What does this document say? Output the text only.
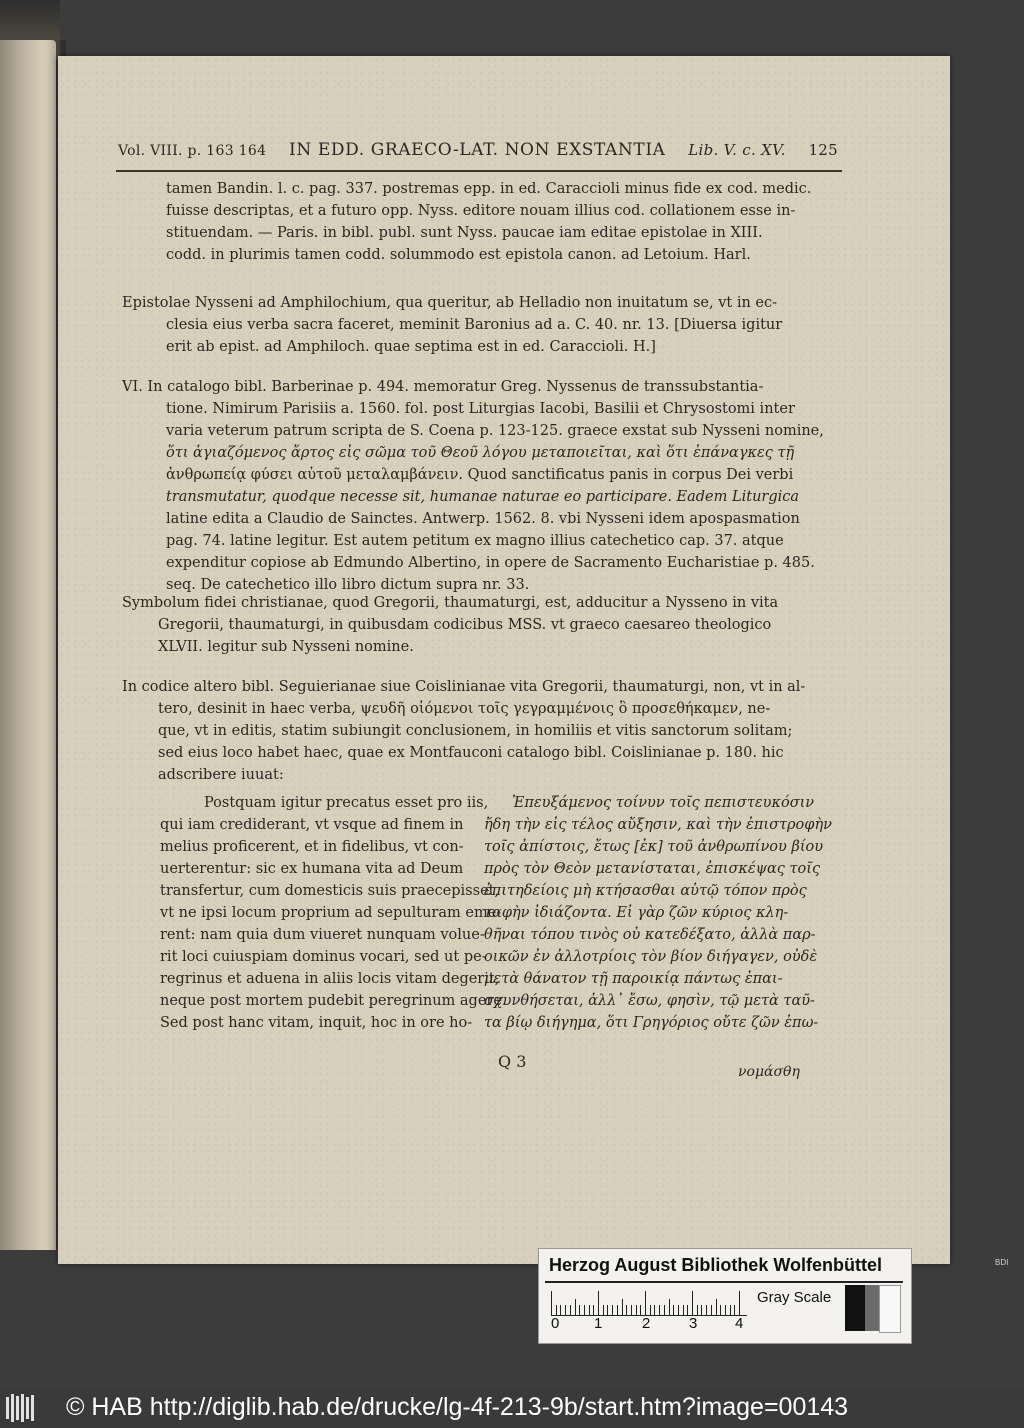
Vol. VIII. p. 163 164 IN EDD. GRAECO-LAT. NON EXSTANTIA Lib. V. c. XV. 125
tamen Bandin. l. c. pag. 337. postremas epp. in ed. Caraccioli minus fide ex cod. medic.
fuisse descriptas, et a futuro opp. Nyss. editore nouam illius cod. collationem esse in-
stituendam. — Paris. in bibl. publ. sunt Nyss. paucae iam editae epistolae in XIII.
codd. in plurimis tamen codd. solummodo est epistola canon. ad Letoium. Harl.
Epistolae Nysseni ad Amphilochium, qua queritur, ab Helladio non inuitatum se, vt in ec-
clesia eius verba sacra faceret, meminit Baronius ad a. C. 40. nr. 13. [Diuersa igitur
erit ab epist. ad Amphiloch. quae septima est in ed. Caraccioli. H.]
VI. In catalogo bibl. Barberinae p. 494. memoratur Greg. Nyssenus de transsubstantia-
tione. Nimirum Parisiis a. 1560. fol. post Liturgias Iacobi, Basilii et Chrysostomi inter
varia veterum patrum scripta de S. Coena p. 123-125. graece exstat sub Nysseni nomine,
ὅτι ἁγιαζόμενος ἄρτος εἰς σῶμα τοῦ Θεοῦ λόγου μεταποιεῖται, καὶ ὅτι ἐπάναγκες τῇ
ἀνθρωπείᾳ φύσει αὐτοῦ μεταλαμβάνειν. Quod sanctificatus panis in corpus Dei verbi
transmutatur, quodque necesse sit, humanae naturae eo participare. Eadem Liturgica
latine edita a Claudio de Sainctes. Antwerp. 1562. 8. vbi Nysseni idem apospasmation
pag. 74. latine legitur. Est autem petitum ex magno illius catechetico cap. 37. atque
expenditur copiose ab Edmundo Albertino, in opere de Sacramento Eucharistiae p. 485.
seq. De catechetico illo libro dictum supra nr. 33.
Symbolum fidei christianae, quod Gregorii, thaumaturgi, est, adducitur a Nysseno in vita
Gregorii, thaumaturgi, in quibusdam codicibus MSS. vt graeco caesareo theologico
XLVII. legitur sub Nysseni nomine.
In codice altero bibl. Seguierianae siue Coislinianae vita Gregorii, thaumaturgi, non, vt in al-
tero, desinit in haec verba, ψευδῆ οἰόμενοι τοῖς γεγραμμένοις ὃ προσεθήκαμεν, ne-
que, vt in editis, statim subiungit conclusionem, in homiliis et vitis sanctorum solitam;
sed eius loco habet haec, quae ex Montfauconi catalogo bibl. Coislinianae p. 180. hic
adscribere iuuat:
Postquam igitur precatus esset pro iis,
qui iam crediderant, vt vsque ad finem in
melius proficerent, et in fidelibus, vt con-
uerterentur: sic ex humana vita ad Deum
transfertur, cum domesticis suis praecepisset,
vt ne ipsi locum proprium ad sepulturam eme-
rent: nam quia dum viueret nunquam volue-
rit loci cuiuspiam dominus vocari, sed ut pe-
regrinus et aduena in aliis locis vitam degerit,
neque post mortem pudebit peregrinum agere.
Sed post hanc vitam, inquit, hoc in ore ho-
Ἐπευξάμενος τοίνυν τοῖς πεπιστευκόσιν
ἤδη τὴν εἰς τέλος αὔξησιν, καὶ τὴν ἐπιστροφὴν
τοῖς ἀπίστοις, ἔτως [ἐκ] τοῦ ἀνθρωπίνου βίου
πρὸς τὸν Θεὸν μετανίσταται, ἐπισκέψας τοῖς
ἐπιτηδείοις μὴ κτήσασθαι αὐτῷ τόπον πρὸς
ταφὴν ἰδιάζοντα. Εἰ γὰρ ζῶν κύριος κλη-
θῆναι τόπου τινὸς οὐ κατεδέξατο, ἀλλὰ παρ-
οικῶν ἐν ἀλλοτρίοις τὸν βίον διήγαγεν, οὐδὲ
μετὰ θάνατον τῇ παροικίᾳ πάντως ἐπαι-
σχυνθήσεται, ἀλλ᾽ ἔσω, φησὶν, τῷ μετὰ ταῦ-
τα βίῳ διήγημα, ὅτι Γρηγόριος οὔτε ζῶν ἐπω-
Q 3
νομάσθη
Herzog August Bibliothek Wolfenbüttel
0 1	2	3	4
Gray Scale
BDI
© HAB http://diglib.hab.de/drucke/lg-4f-213-9b/start.htm?image=00143
